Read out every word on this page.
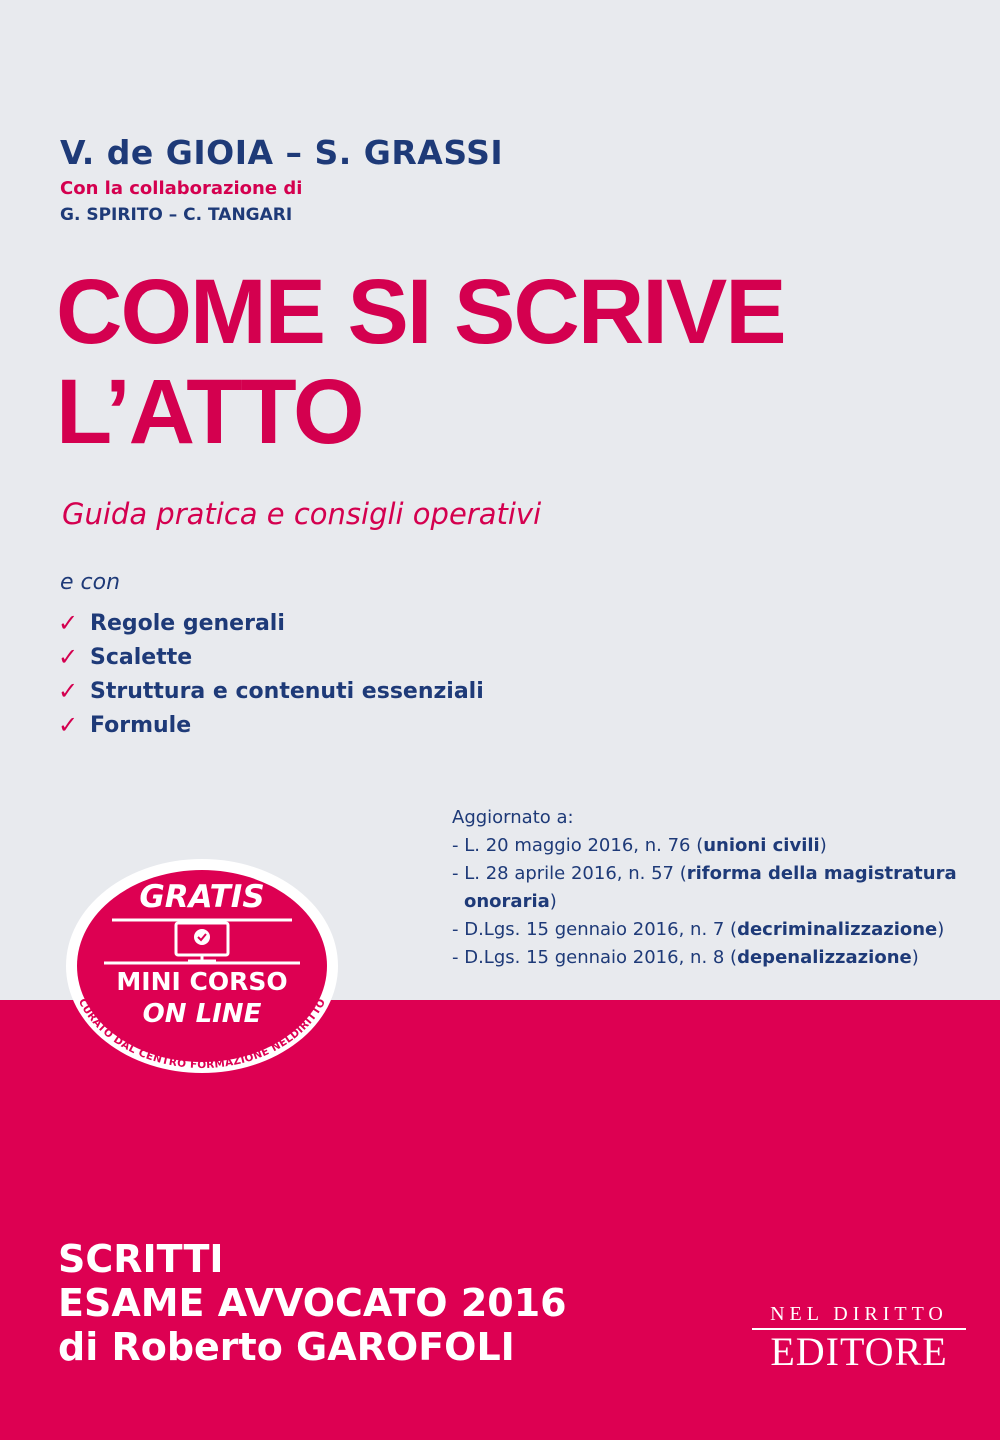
V. de GIOIA – S. GRASSI
Con la collaborazione di
G. SPIRITO – C. TANGARI
COME SI SCRIVE
L’ATTO
Guida pratica e consigli operativi
e con
✓ Regole generali
✓ Scalette
✓ Struttura e contenuti essenziali
✓ Formule
Aggiornato a:
- L. 20 maggio 2016, n. 76 (unioni civili)
- L. 28 aprile 2016, n. 57 (riforma della magistratura
onoraria)
- D.Lgs. 15 gennaio 2016, n. 7 (decriminalizzazione)
- D.Lgs. 15 gennaio 2016, n. 8 (depenalizzazione)
CURATO DAL CENTRO FORMAZIONE NELDIRITTO
GRATIS
MINI CORSO
ON LINE
SCRITTI
ESAME AVVOCATO 2016
di Roberto GAROFOLI
NEL DIRITTO
EDITORE
